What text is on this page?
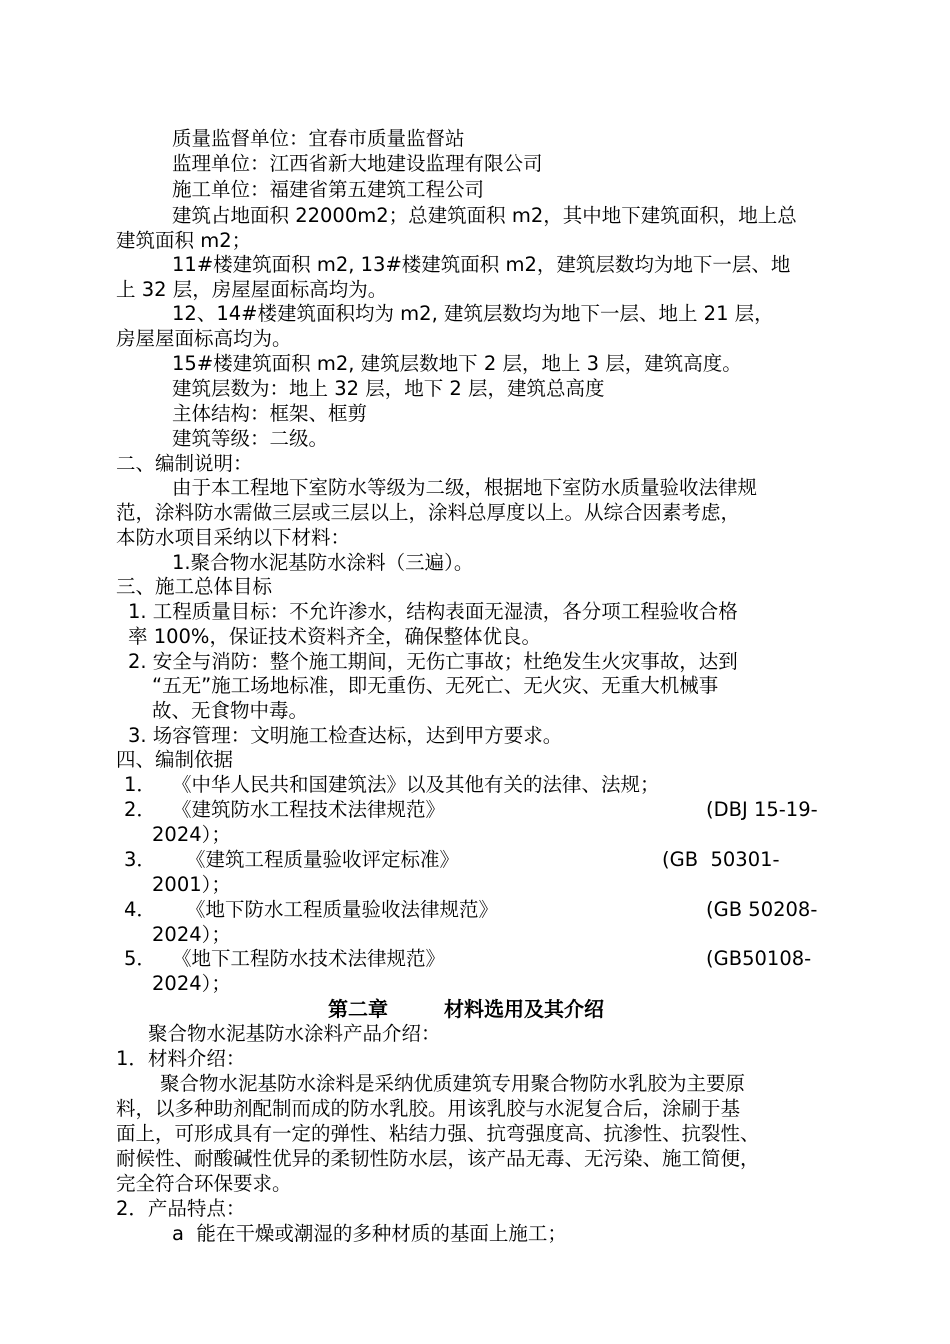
质量监督单位：宜春市质量监督站
监理单位：江西省新大地建设监理有限公司
施工单位：福建省第五建筑工程公司
建筑占地面积 22000m2；总建筑面积 m2，其中地下建筑面积，地上总
建筑面积 m2；
11#楼建筑面积 m2, 13#楼建筑面积 m2，建筑层数均为地下一层、地
上 32 层，房屋屋面标高均为。
12、14#楼建筑面积均为 m2, 建筑层数均为地下一层、地上 21 层，
房屋屋面标高均为。
15#楼建筑面积 m2, 建筑层数地下 2 层，地上 3 层，建筑高度。
建筑层数为：地上 32 层，地下 2 层，建筑总高度
主体结构：框架、框剪
建筑等级：二级。
二、编制说明：
由于本工程地下室防水等级为二级，根据地下室防水质量验收法律规
范，涂料防水需做三层或三层以上，涂料总厚度以上。从综合因素考虑，
本防水项目采纳以下材料：
1.聚合物水泥基防水涂料（三遍）。
三、施工总体目标
1. 工程质量目标：不允许渗水，结构表面无湿渍，各分项工程验收合格
率 100%，保证技术资料齐全，确保整体优良。
2. 安全与消防：整个施工期间，无伤亡事故；杜绝发生火灾事故，达到
“五无”施工场地标准，即无重伤、无死亡、无火灾、无重大机械事
故、无食物中毒。
3. 场容管理：文明施工检查达标，达到甲方要求。
四、编制依据
1． 《中华人民共和国建筑法》以及其他有关的法律、法规；
2． 《建筑防水工程技术法律规范》	(DBJ 15-19-
2024）；
3． 《建筑工程质量验收评定标准》	(GB  50301-
2001）；
4． 《地下防水工程质量验收法律规范》	(GB 50208-
2024）；
5． 《地下工程防水技术法律规范》	(GB50108-
2024）；
第二章	材料选用及其介绍
聚合物水泥基防水涂料产品介绍：
1．材料介绍：
聚合物水泥基防水涂料是采纳优质建筑专用聚合物防水乳胶为主要原
料，以多种助剂配制而成的防水乳胶。用该乳胶与水泥复合后，涂刷于基
面上，可形成具有一定的弹性、粘结力强、抗弯强度高、抗渗性、抗裂性、
耐候性、耐酸碱性优异的柔韧性防水层，该产品无毒、无污染、施工简便，
完全符合环保要求。
2．产品特点：
a  能在干燥或潮湿的多种材质的基面上施工；
